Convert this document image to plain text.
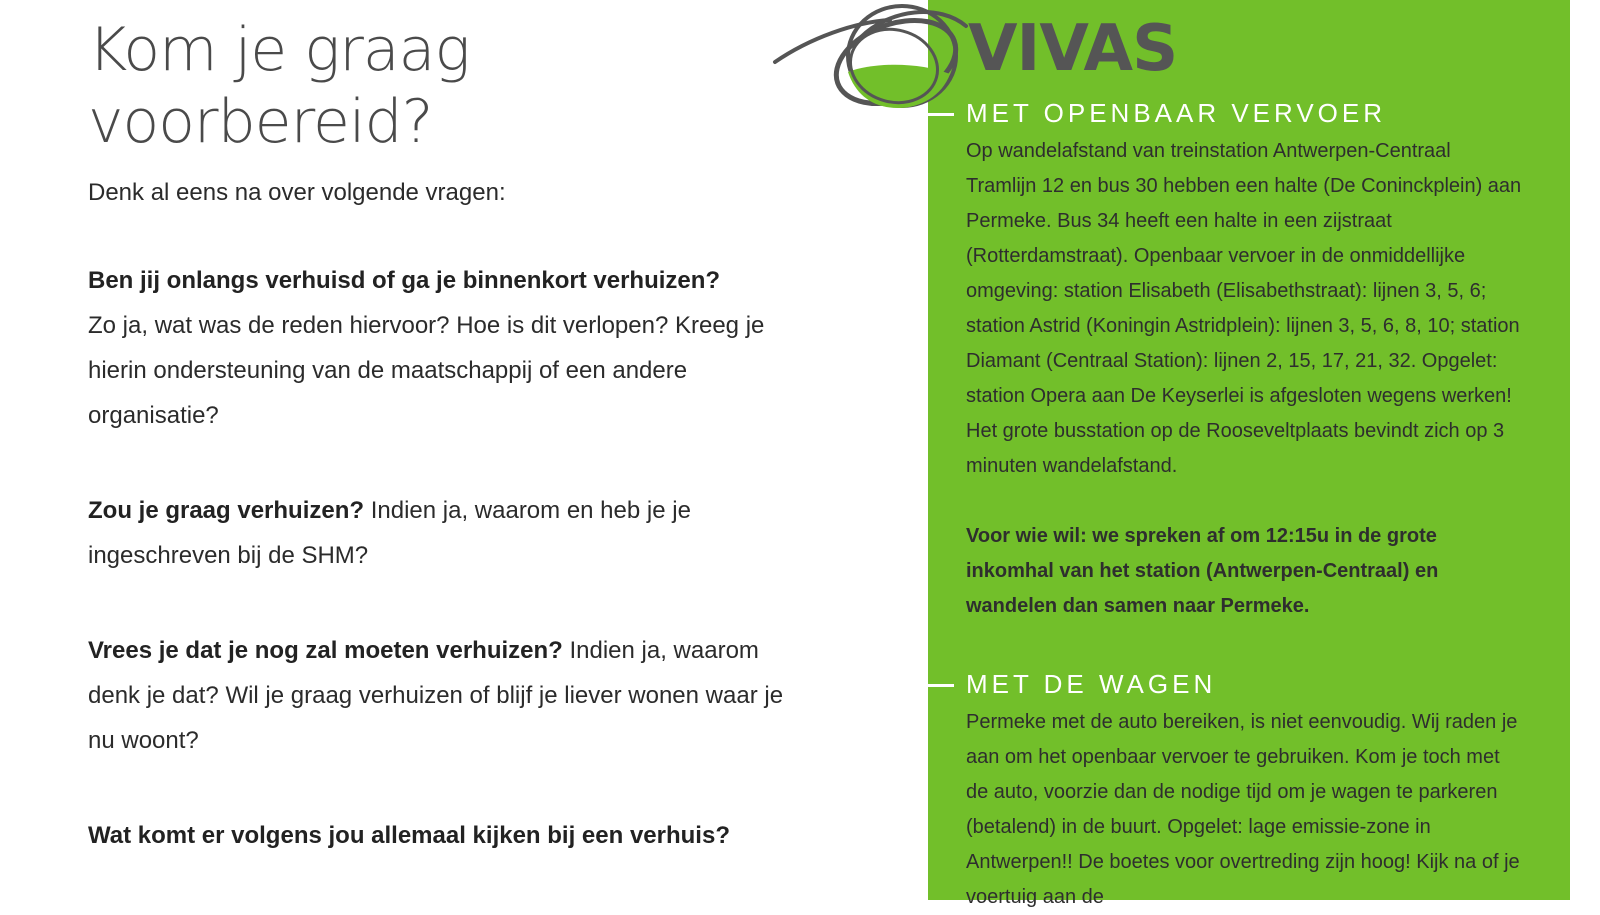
Kom je graag
voorbereid?
Denk al eens na over volgende vragen:
Ben jij onlangs verhuisd of ga je binnenkort verhuizen?
Zo ja, wat was de reden hiervoor? Hoe is dit verlopen? Kreeg je hierin ondersteuning van de maatschappij of een andere organisatie?
Zou je graag verhuizen? Indien ja, waarom en heb je je ingeschreven bij de SHM?
Vrees je dat je nog zal moeten verhuizen? Indien ja, waarom denk je dat? Wil je graag verhuizen of blijf je liever wonen waar je nu woont?
Wat komt er volgens jou allemaal kijken bij een verhuis?
MET OPENBAAR VERVOER
Op wandelafstand van treinstation Antwerpen-Centraal Tramlijn 12 en bus 30 hebben een halte (De Coninckplein) aan Permeke. Bus 34 heeft een halte in een zijstraat (Rotterdamstraat). Openbaar vervoer in de onmiddellijke omgeving: station Elisabeth (Elisabethstraat): lijnen 3, 5, 6; station Astrid (Koningin Astridplein): lijnen 3, 5, 6, 8, 10; station Diamant (Centraal Station): lijnen 2, 15, 17, 21, 32. Opgelet: station Opera aan De Keyserlei is afgesloten wegens werken! Het grote busstation op de Rooseveltplaats bevindt zich op 3 minuten wandelafstand.
Voor wie wil: we spreken af om 12:15u in de grote inkomhal van het station (Antwerpen-Centraal) en wandelen dan samen naar Permeke.
MET DE WAGEN
Permeke met de auto bereiken, is niet eenvoudig. Wij raden je aan om het openbaar vervoer te gebruiken. Kom je toch met de auto, voorzie dan de nodige tijd om je wagen te parkeren (betalend) in de buurt. Opgelet: lage emissie-zone in Antwerpen!! De boetes voor overtreding zijn hoog! Kijk na of je voertuig aan de
VIVAS
